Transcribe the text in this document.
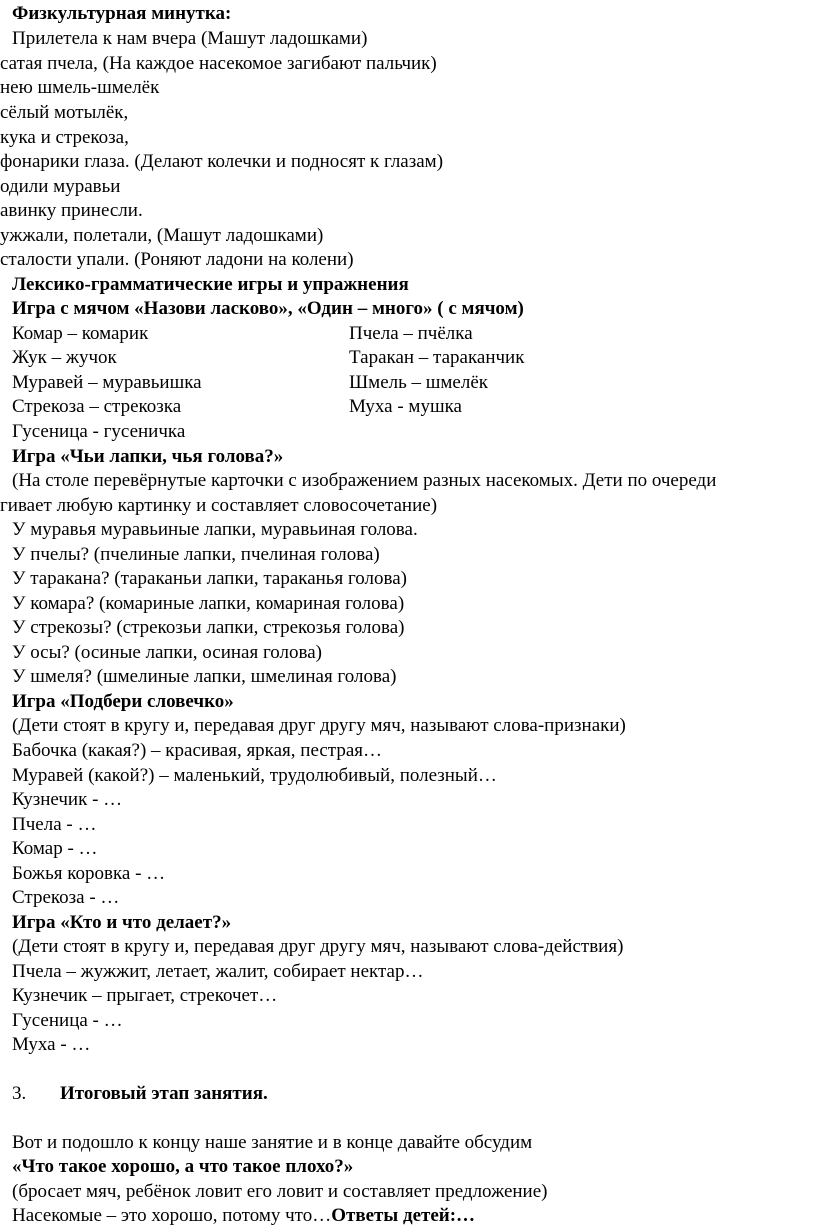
Физкультурная минутка:
Прилетела к нам вчера (Машут ладошками)
сатая пчела, (На каждое насекомое загибают пальчик)
нею шмель-шмелёк
сёлый мотылёк,
кука и стрекоза,
фонарики глаза. (Делают колечки и подносят к глазам)
одили муравьи
авинку принесли.
ужжали, полетали, (Машут ладошками)
сталости упали. (Роняют ладони на колени)
Лексико-грамматические игры и упражнения
Игра с мячом «Назови ласково», «Один – много» ( с мячом)
Комар – комарик	Пчела – пчёлка
Жук – жучок	Таракан – тараканчик
Муравей – муравьишка	Шмель – шмелёк
Стрекоза – стрекозка	Муха - мушка
Гусеница - гусеничка
Игра «Чьи лапки, чья голова?»
(На столе перевёрнутые карточки с изображением разных насекомых. Дети по очереди
гивает любую картинку и составляет словосочетание)
У муравья муравьиные лапки, муравьиная голова.
У пчелы? (пчелиные лапки, пчелиная голова)
У таракана? (тараканьи лапки, тараканья голова)
У комара? (комариные лапки, комариная голова)
У стрекозы? (стрекозьи лапки, стрекозья голова)
У осы? (осиные лапки, осиная голова)
У шмеля? (шмелиные лапки, шмелиная голова)
Игра «Подбери словечко»
(Дети стоят в кругу и, передавая друг другу мяч, называют слова-признаки)
Бабочка (какая?) – красивая, яркая, пестрая…
Муравей (какой?) – маленький, трудолюбивый, полезный…
Кузнечик - …
Пчела - …
Комар - …
Божья коровка - …
Стрекоза - …
Игра «Кто и что делает?»
(Дети стоят в кругу и, передавая друг другу мяч, называют слова-действия)
Пчела – жужжит, летает, жалит, собирает нектар…
Кузнечик – прыгает, стрекочет…
Гусеница - …
Муха - …
3. Итоговый этап занятия.
Вот и подошло к концу наше занятие и в конце давайте обсудим
«Что такое хорошо, а что такое плохо?»
(бросает мяч, ребёнок ловит его ловит и составляет предложение)
Насекомые – это хорошо, потому что…Ответы детей:…
